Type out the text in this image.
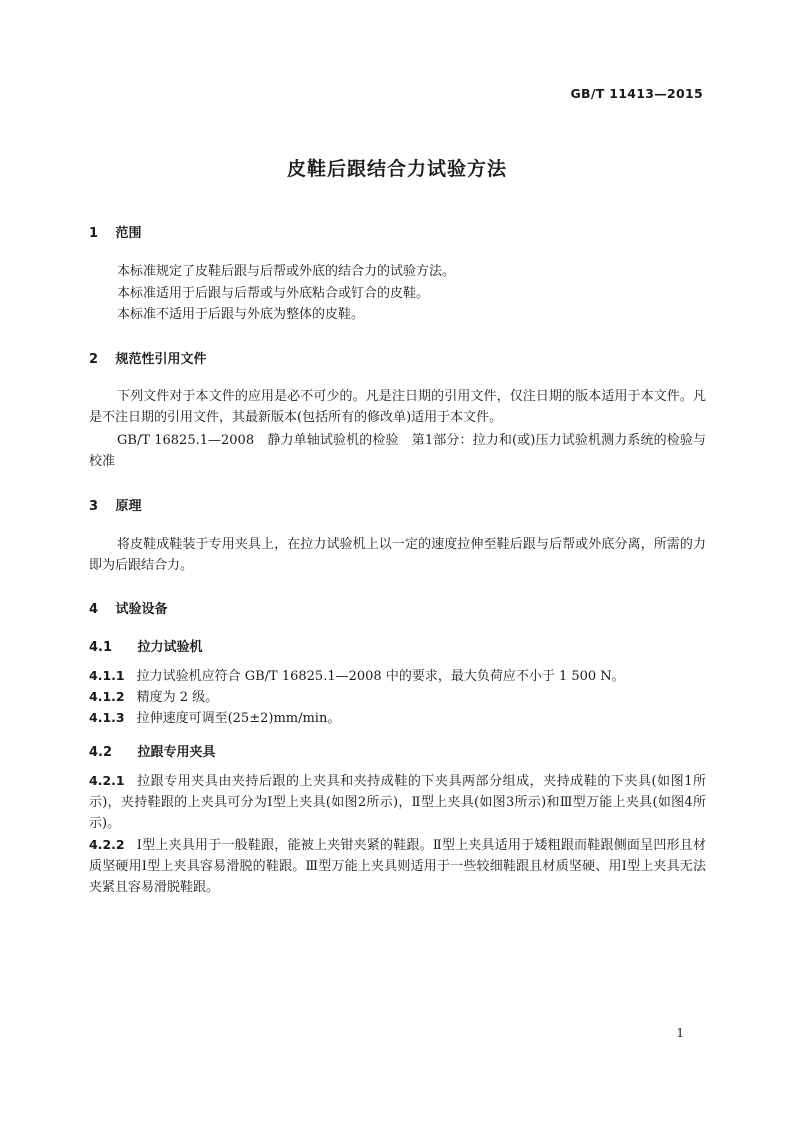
GB/T 11413—2015
皮鞋后跟结合力试验方法
1 范围
本标准规定了皮鞋后跟与后帮或外底的结合力的试验方法。
本标准适用于后跟与后帮或与外底粘合或钉合的皮鞋。
本标准不适用于后跟与外底为整体的皮鞋。
2 规范性引用文件
下列文件对于本文件的应用是必不可少的。凡是注日期的引用文件，仅注日期的版本适用于本文件。凡是不注日期的引用文件，其最新版本(包括所有的修改单)适用于本文件。
GB/T 16825.1—2008　静力单轴试验机的检验　第1部分：拉力和(或)压力试验机测力系统的检验与校准
3 原理
将皮鞋成鞋装于专用夹具上，在拉力试验机上以一定的速度拉伸至鞋后跟与后帮或外底分离，所需的力即为后跟结合力。
4 试验设备
4.1 拉力试验机
4.1.1 拉力试验机应符合 GB/T 16825.1—2008 中的要求，最大负荷应不小于 1 500 N。
4.1.2 精度为 2 级。
4.1.3 拉伸速度可调至(25±2)mm/min。
4.2 拉跟专用夹具
4.2.1 拉跟专用夹具由夹持后跟的上夹具和夹持成鞋的下夹具两部分组成，夹持成鞋的下夹具(如图1所示)，夹持鞋跟的上夹具可分为Ⅰ型上夹具(如图2所示)，Ⅱ型上夹具(如图3所示)和Ⅲ型万能上夹具(如图4所示)。
4.2.2 Ⅰ型上夹具用于一般鞋跟，能被上夹钳夹紧的鞋跟。Ⅱ型上夹具适用于矮粗跟而鞋跟侧面呈凹形且材质坚硬用Ⅰ型上夹具容易滑脱的鞋跟。Ⅲ型万能上夹具则适用于一些较细鞋跟且材质坚硬、用Ⅰ型上夹具无法夹紧且容易滑脱鞋跟。
1
